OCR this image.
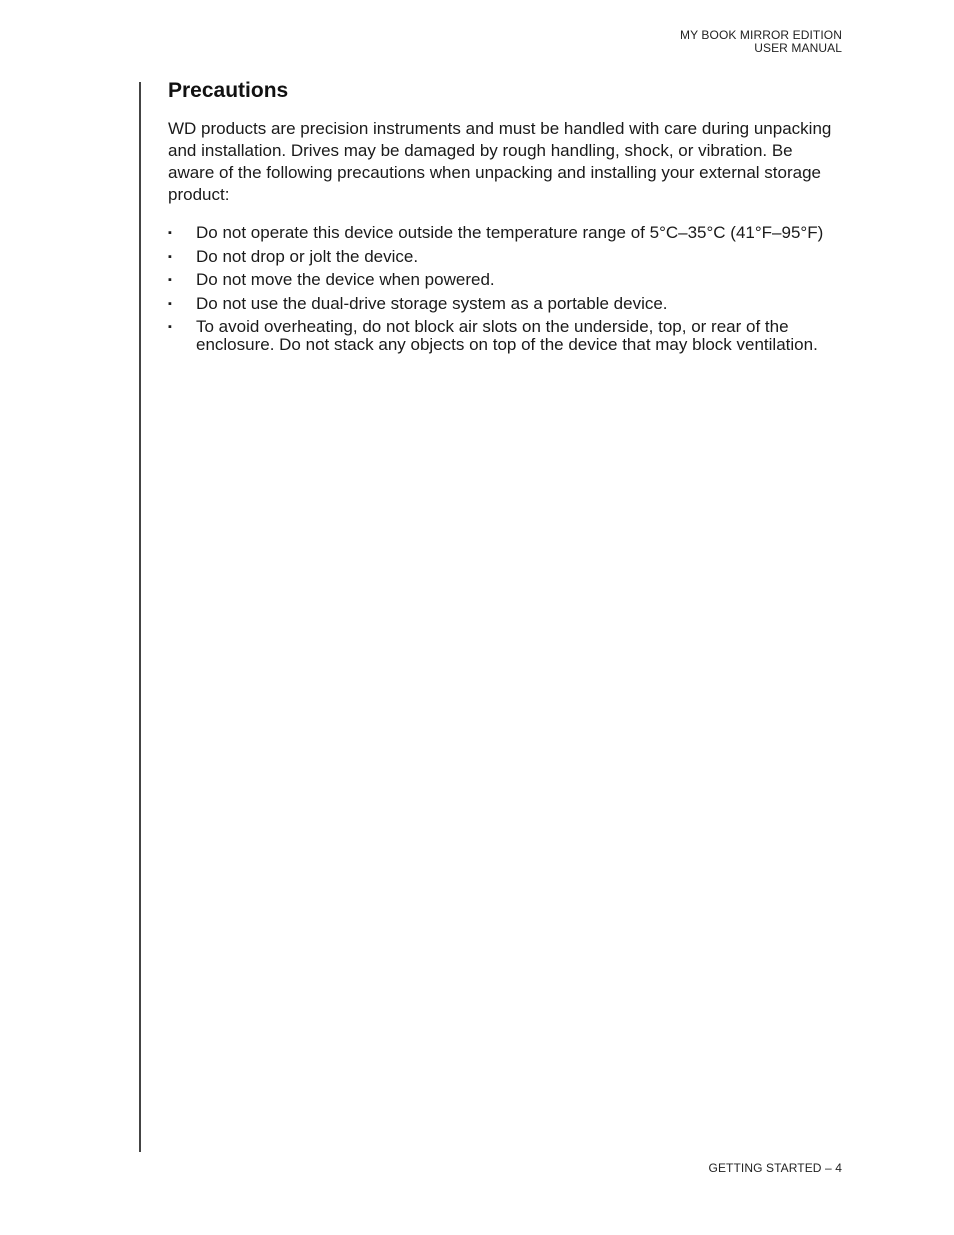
MY BOOK MIRROR EDITION
USER MANUAL
Precautions

WD products are precision instruments and must be handled with care during unpacking and installation. Drives may be damaged by rough handling, shock, or vibration. Be aware of the following precautions when unpacking and installing your external storage product:

▪	Do not operate this device outside the temperature range of 5°C–35°C (41°F–95°F)
▪	Do not drop or jolt the device.
▪	Do not move the device when powered.
▪	Do not use the dual-drive storage system as a portable device.
▪	To avoid overheating, do not block air slots on the underside, top, or rear of the enclosure. Do not stack any objects on top of the device that may block ventilation.
GETTING STARTED – 4
